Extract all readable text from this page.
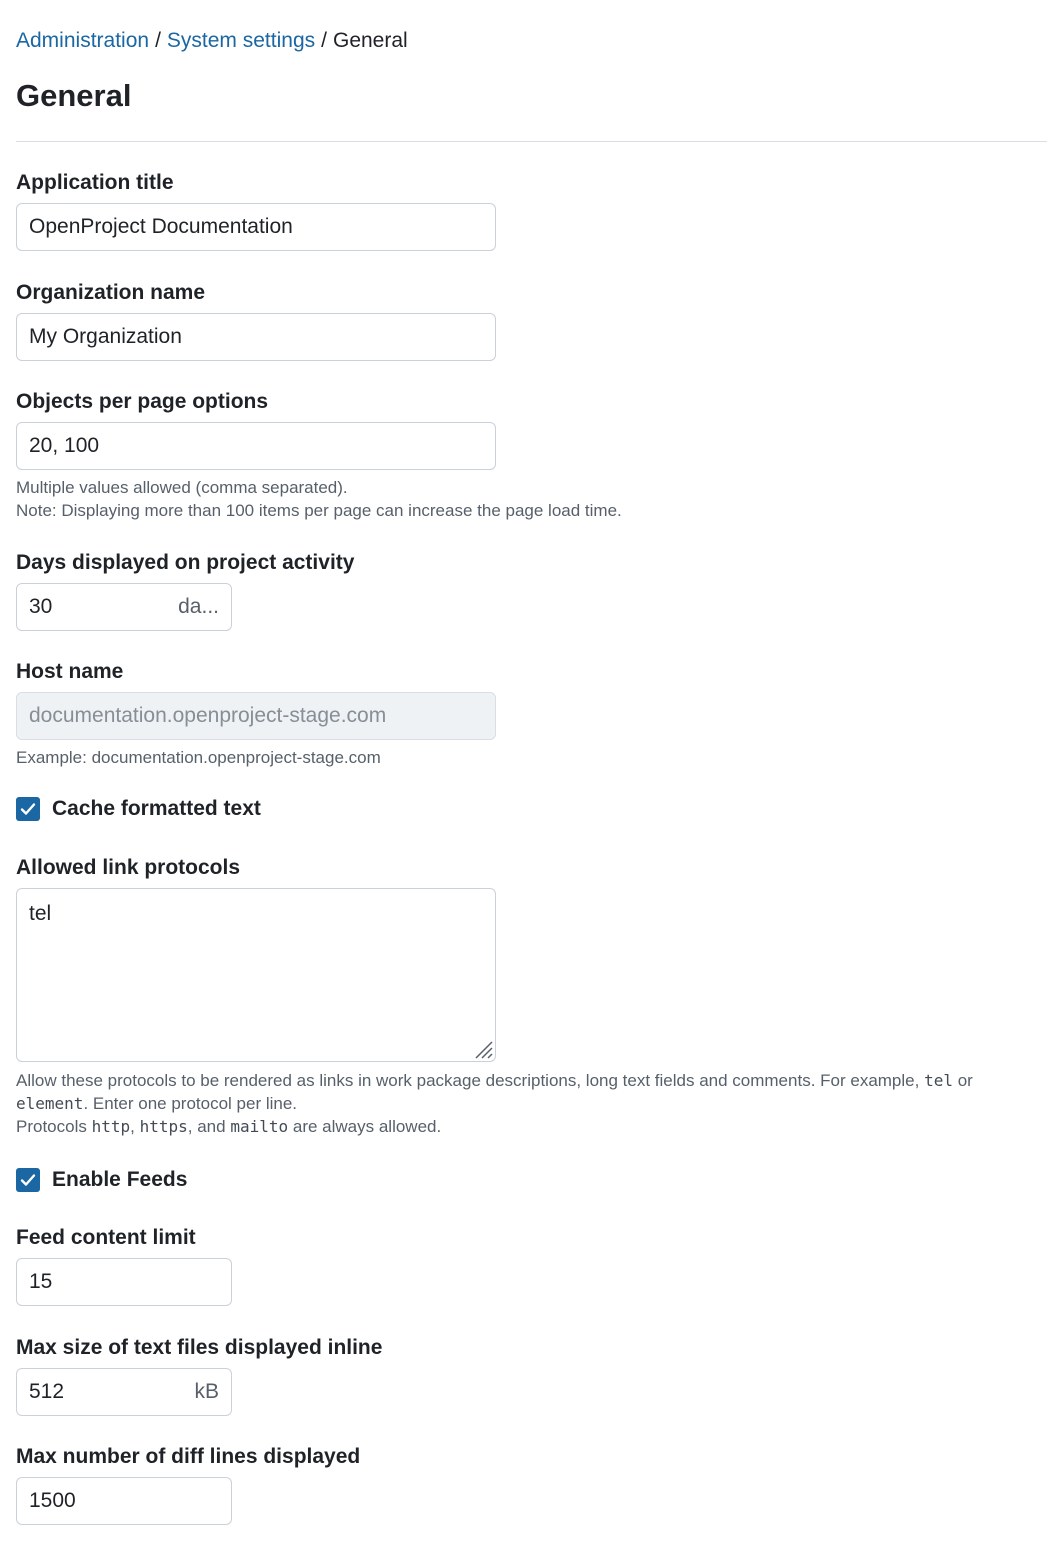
Administration / System settings / General
General
Application title
OpenProject Documentation
Organization name
My Organization
Objects per page options
20, 100
Multiple values allowed (comma separated).
Note: Displaying more than 100 items per page can increase the page load time.
Days displayed on project activity
30	da...
Host name
documentation.openproject-stage.com
Example: documentation.openproject-stage.com
Cache formatted text
Allowed link protocols
tel
Allow these protocols to be rendered as links in work package descriptions, long text fields and comments. For example, tel or
element. Enter one protocol per line.
Protocols http, https, and mailto are always allowed.
Enable Feeds
Feed content limit
15
Max size of text files displayed inline
512	kB
Max number of diff lines displayed
1500
